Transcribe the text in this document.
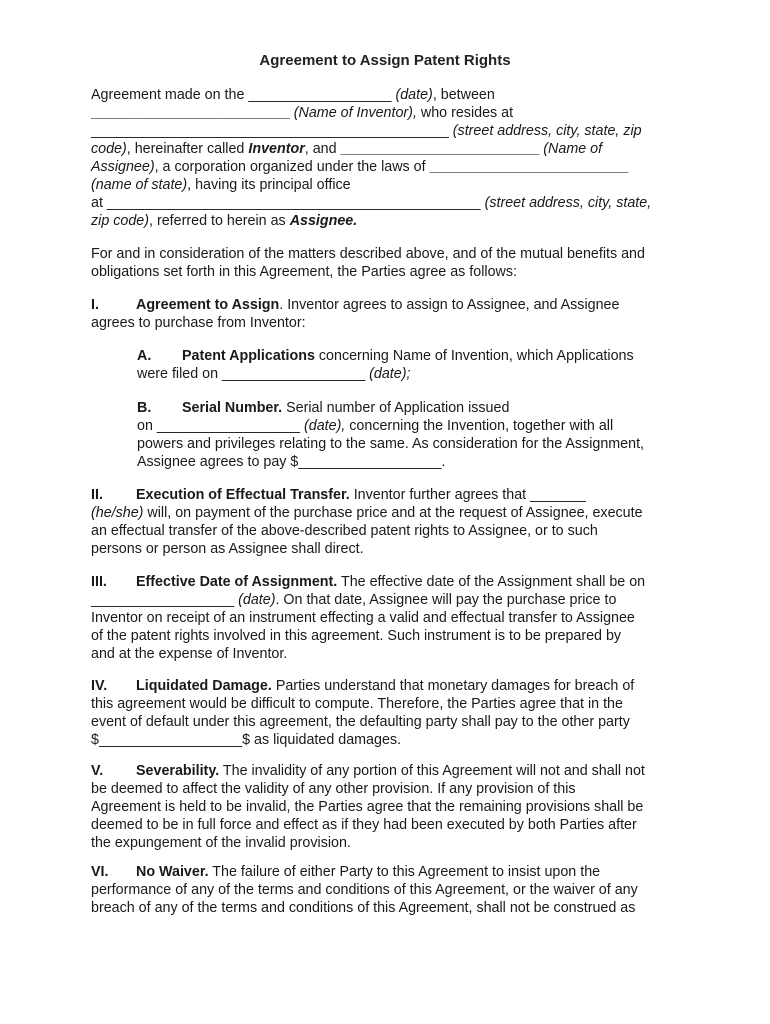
Agreement to Assign Patent Rights
Agreement made on the __________________ (date), between
_________________________ (Name of Inventor), who resides at
_____________________________________________ (street address, city, state, zip
code), hereinafter called Inventor, and _________________________ (Name of
Assignee), a corporation organized under the laws of _________________________
(name of state), having its principal office
at _______________________________________________ (street address, city, state,
zip code), referred to herein as Assignee.
For and in consideration of the matters described above, and of the mutual benefits and
obligations set forth in this Agreement, the Parties agree as follows:
I.	Agreement to Assign. Inventor agrees to assign to Assignee, and Assignee
agrees to purchase from Inventor:
A. Patent Applications concerning Name of Invention, which Applications
were filed on __________________ (date);
B. Serial Number. Serial number of Application issued
on __________________ (date), concerning the Invention, together with all
powers and privileges relating to the same. As consideration for the Assignment,
Assignee agrees to pay $__________________.
II. Execution of Effectual Transfer. Inventor further agrees that _______
(he/she) will, on payment of the purchase price and at the request of Assignee, execute
an effectual transfer of the above-described patent rights to Assignee, or to such
persons or person as Assignee shall direct.
III. Effective Date of Assignment. The effective date of the Assignment shall be on
__________________ (date). On that date, Assignee will pay the purchase price to
Inventor on receipt of an instrument effecting a valid and effectual transfer to Assignee
of the patent rights involved in this agreement. Such instrument is to be prepared by
and at the expense of Inventor.
IV. Liquidated Damage. Parties understand that monetary damages for breach of
this agreement would be difficult to compute. Therefore, the Parties agree that in the
event of default under this agreement, the defaulting party shall pay to the other party
$__________________$ as liquidated damages.
V. Severability. The invalidity of any portion of this Agreement will not and shall not
be deemed to affect the validity of any other provision. If any provision of this
Agreement is held to be invalid, the Parties agree that the remaining provisions shall be
deemed to be in full force and effect as if they had been executed by both Parties after
the expungement of the invalid provision.
VI. No Waiver. The failure of either Party to this Agreement to insist upon the
performance of any of the terms and conditions of this Agreement, or the waiver of any
breach of any of the terms and conditions of this Agreement, shall not be construed as
